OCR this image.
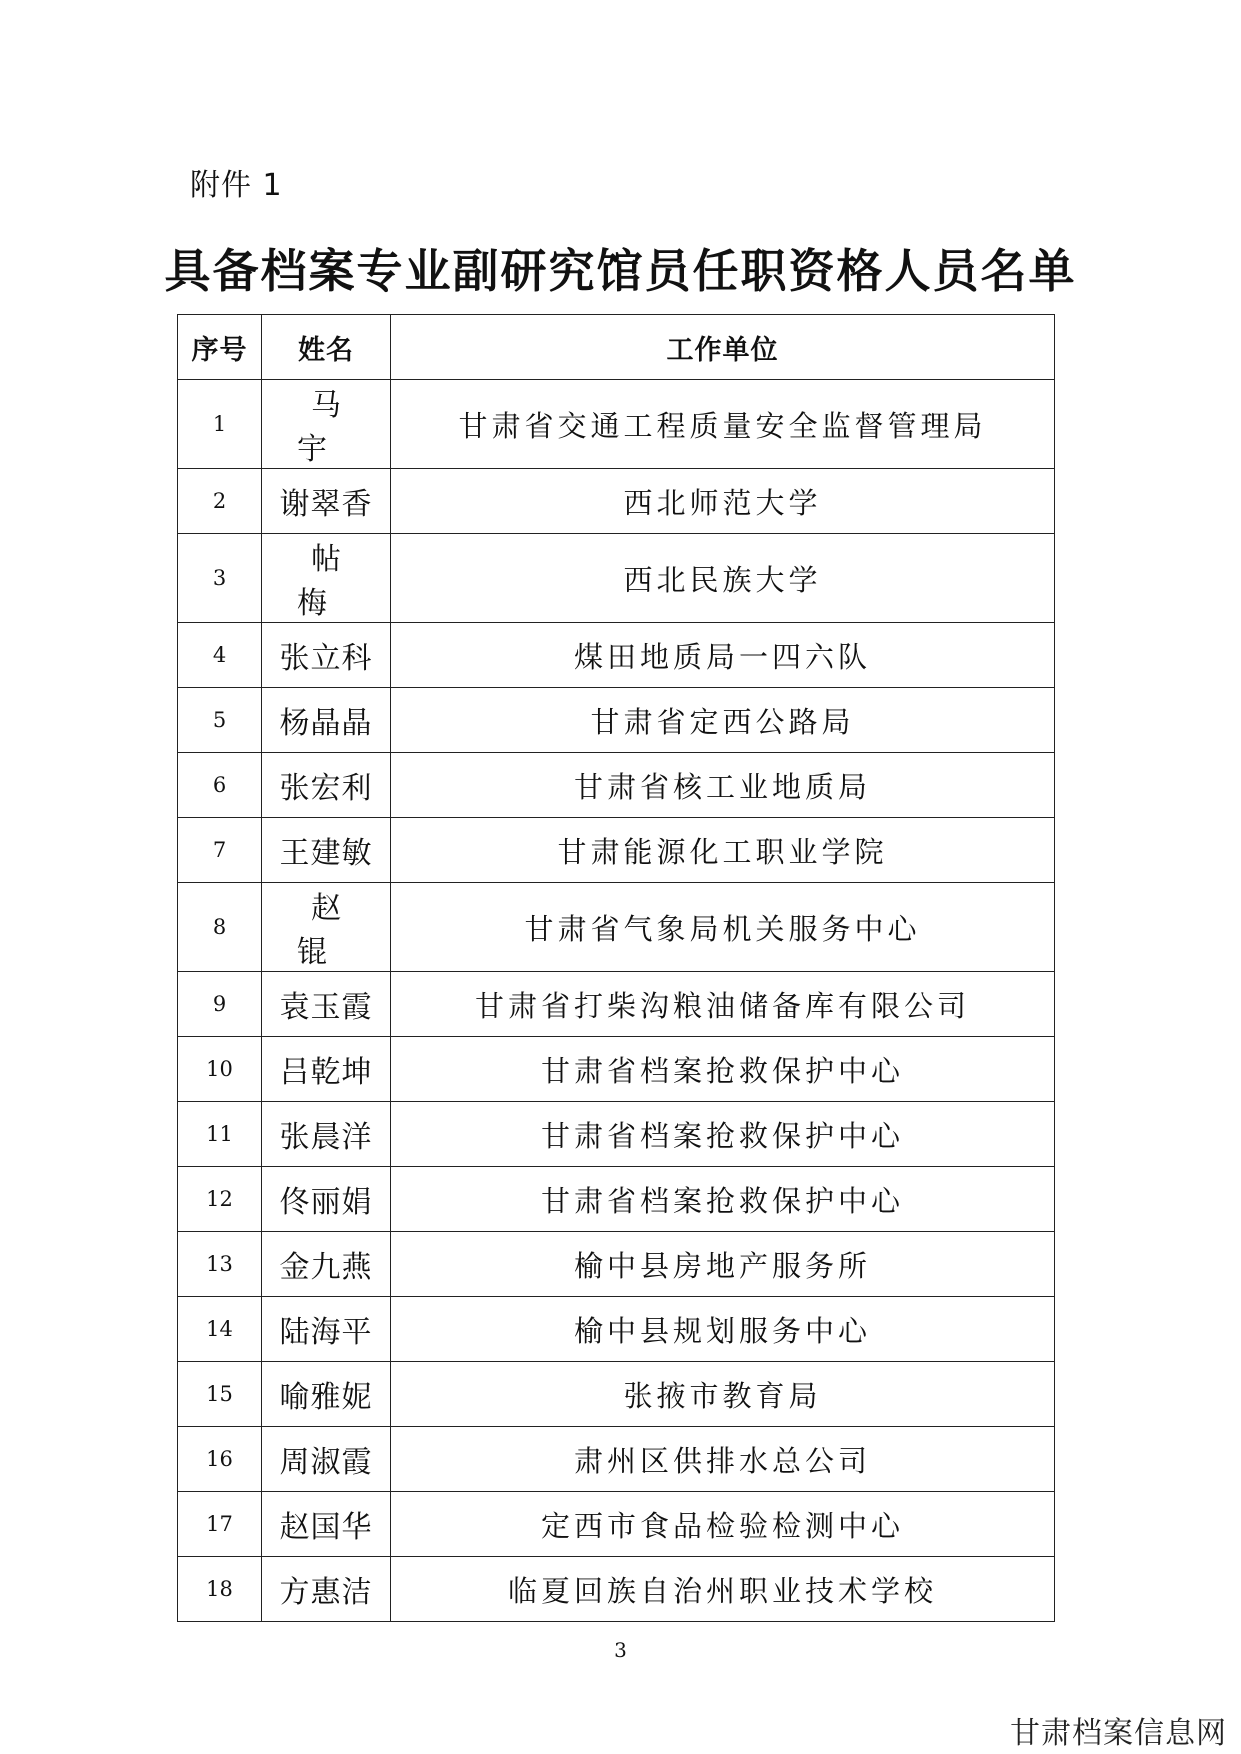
附件 1
具备档案专业副研究馆员任职资格人员名单
序号	姓名	工作单位
1	马宇	甘肃省交通工程质量安全监督管理局
2	谢翠香	西北师范大学
3	帖梅	西北民族大学
4	张立科	煤田地质局一四六队
5	杨晶晶	甘肃省定西公路局
6	张宏利	甘肃省核工业地质局
7	王建敏	甘肃能源化工职业学院
8	赵锟	甘肃省气象局机关服务中心
9	袁玉霞	甘肃省打柴沟粮油储备库有限公司
10	吕乾坤	甘肃省档案抢救保护中心
11	张晨洋	甘肃省档案抢救保护中心
12	佟丽娟	甘肃省档案抢救保护中心
13	金九燕	榆中县房地产服务所
14	陆海平	榆中县规划服务中心
15	喻雅妮	张掖市教育局
16	周淑霞	肃州区供排水总公司
17	赵国华	定西市食品检验检测中心
18	方惠洁	临夏回族自治州职业技术学校
3
甘肃档案信息网
